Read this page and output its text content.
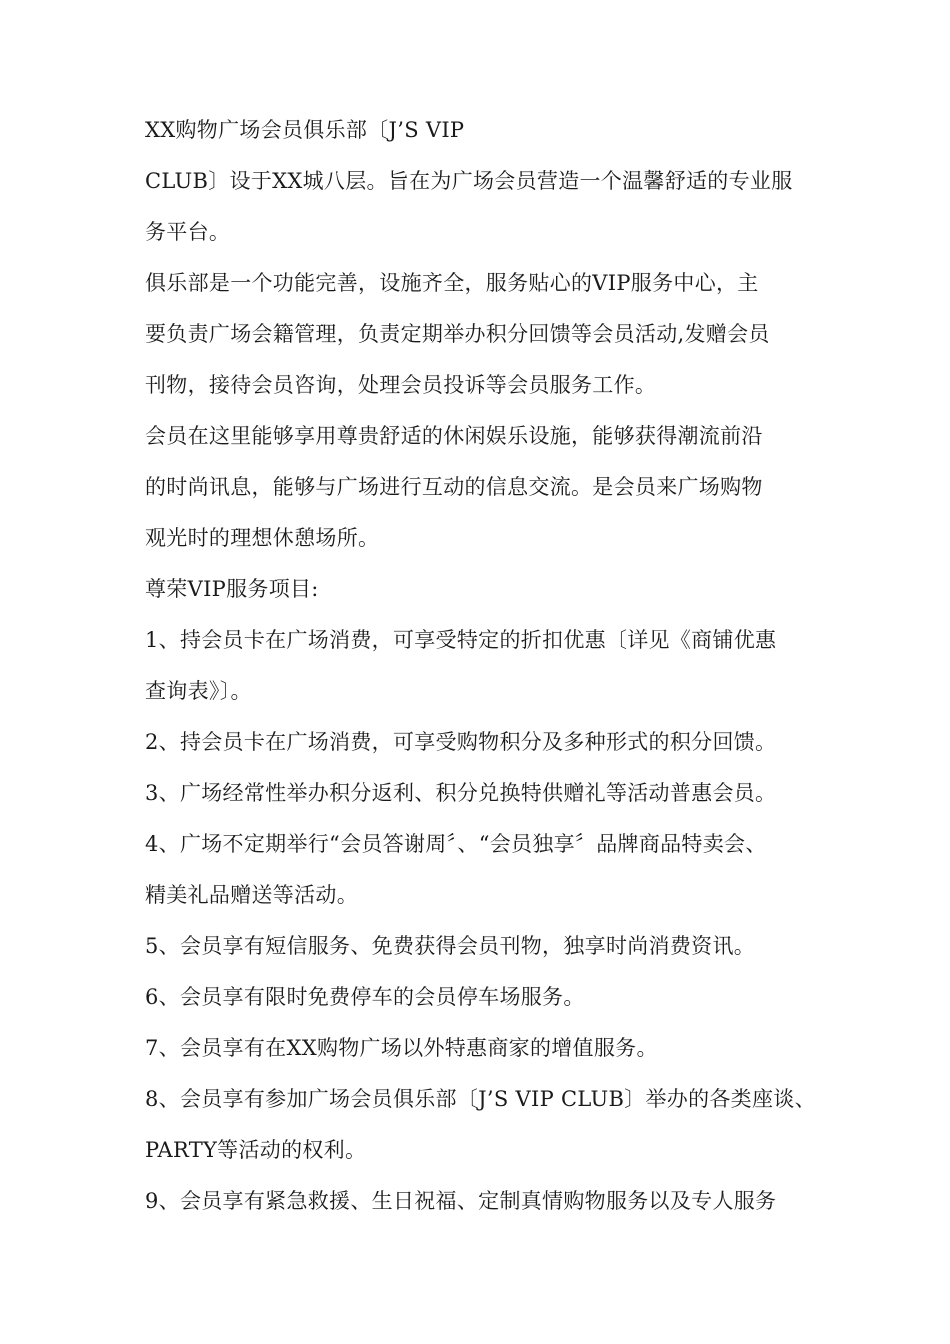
XX购物广场会员俱乐部〔J’S VIP

CLUB〕设于XX城八层。旨在为广场会员营造一个温馨舒适的专业服

务平台。

俱乐部是一个功能完善，设施齐全，服务贴心的VIP服务中心，主

要负责广场会籍管理，负责定期举办积分回馈等会员活动,发赠会员

刊物，接待会员咨询，处理会员投诉等会员服务工作。

会员在这里能够享用尊贵舒适的休闲娱乐设施，能够获得潮流前沿

的时尚讯息，能够与广场进行互动的信息交流。是会员来广场购物

观光时的理想休憩场所。

尊荣VIP服务项目:

1、持会员卡在广场消费，可享受特定的折扣优惠〔详见《商铺优惠

查询表》〕。

2、持会员卡在广场消费，可享受购物积分及多种形式的积分回馈。

3、广场经常性举办积分返利、积分兑换特供赠礼等活动普惠会员。

4、广场不定期举行“会员答谢周〞、“会员独享〞品牌商品特卖会、

精美礼品赠送等活动。

5、会员享有短信服务、免费获得会员刊物，独享时尚消费资讯。

6、会员享有限时免费停车的会员停车场服务。

7、会员享有在XX购物广场以外特惠商家的增值服务。

8、会员享有参加广场会员俱乐部〔J’S VIP CLUB〕举办的各类座谈、

PARTY等活动的权利。

9、会员享有紧急救援、生日祝福、定制真情购物服务以及专人服务
